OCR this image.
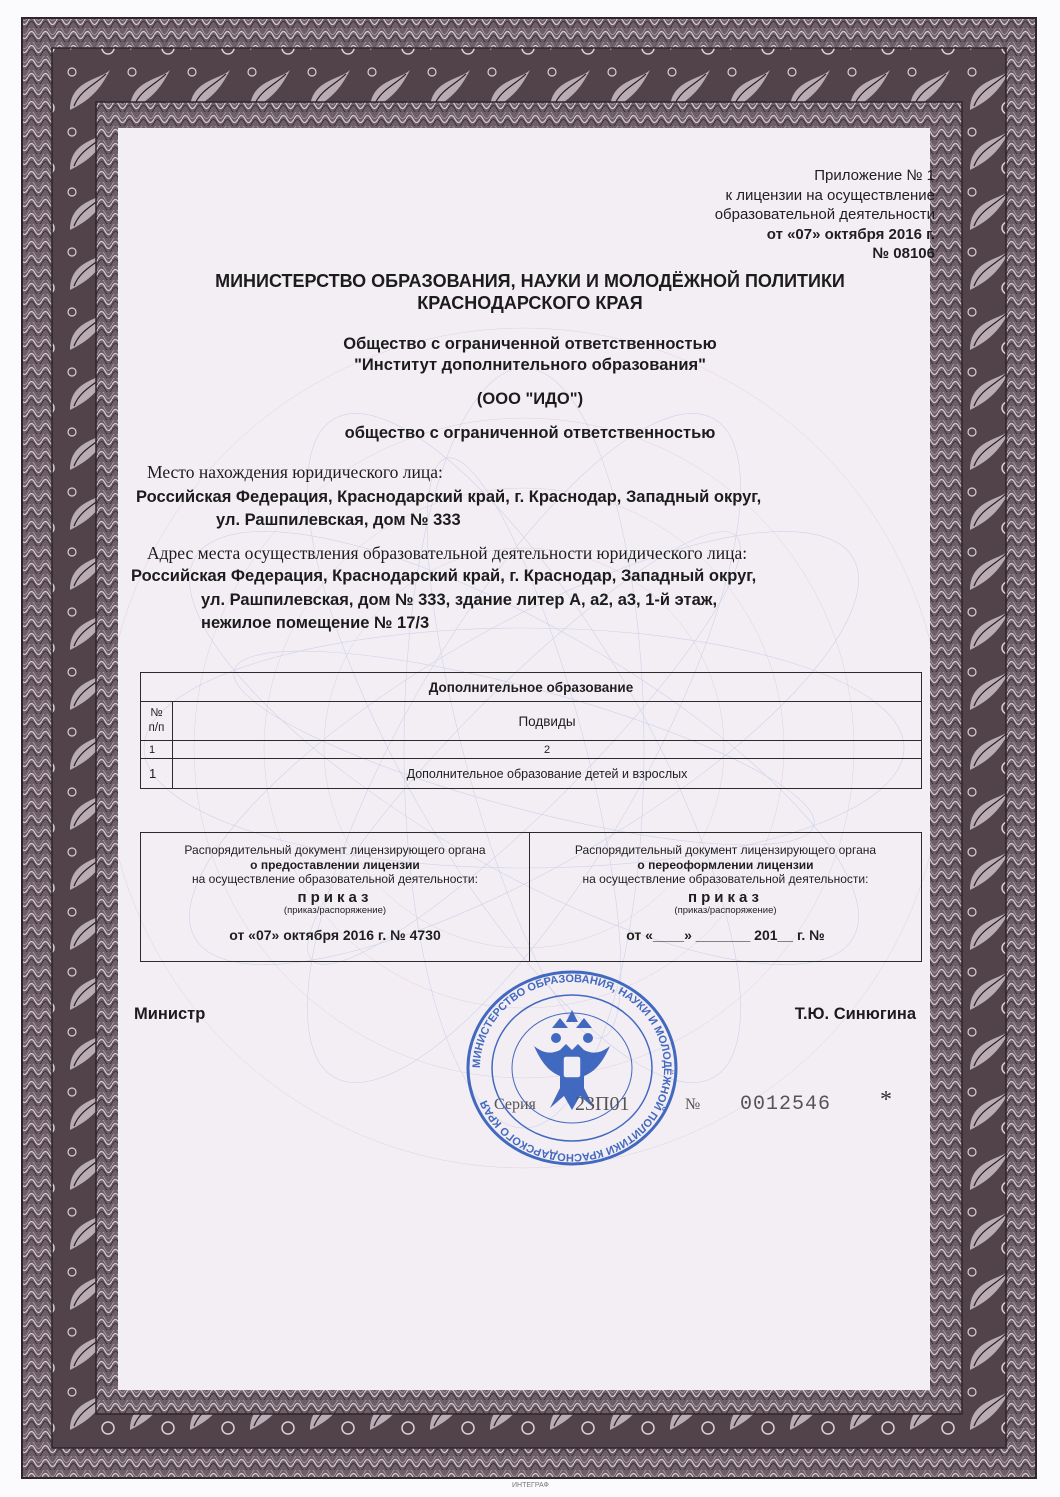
Приложение № 1
к лицензии на осуществление
образовательной деятельности
от «07» октября 2016 г.
№ 08106
МИНИСТЕРСТВО ОБРАЗОВАНИЯ, НАУКИ И МОЛОДЁЖНОЙ ПОЛИТИКИ
КРАСНОДАРСКОГО КРАЯ
Общество с ограниченной ответственностью
"Институт дополнительного образования"
(ООО "ИДО")
общество с ограниченной ответственностью
Место нахождения юридического лица:
Российская Федерация, Краснодарский край, г. Краснодар, Западный округ,
ул. Рашпилевская, дом № 333
Адрес места осуществления образовательной деятельности юридического лица:
Российская Федерация, Краснодарский край, г. Краснодар, Западный округ,
ул. Рашпилевская, дом № 333, здание литер А, а2, а3, 1-й этаж,
нежилое помещение № 17/3
Дополнительное образование	

№
п/п	Подвиды
1	2
1	Дополнительное образование детей и взрослых
Распорядительный документ лицензирующего органа
о предоставлении лицензии
на осуществление образовательной деятельности:
приказ
(приказ/распоряжение)
от «07» октября 2016 г. № 4730
Распорядительный документ лицензирующего органа
о переоформлении лицензии
на осуществление образовательной деятельности:
приказ
(приказ/распоряжение)
от «____» _______ 201__ г. №
Министр	Т.Ю. Синюгина
МИНИСТЕРСТВО ОБРАЗОВАНИЯ, НАУКИ И МОЛОДЁЖНОЙ ПОЛИТИКИ КРАСНОДАРСКОГО КРАЯ Серия 23П01	№ 0012546 *
ИНТЕГРАФ
